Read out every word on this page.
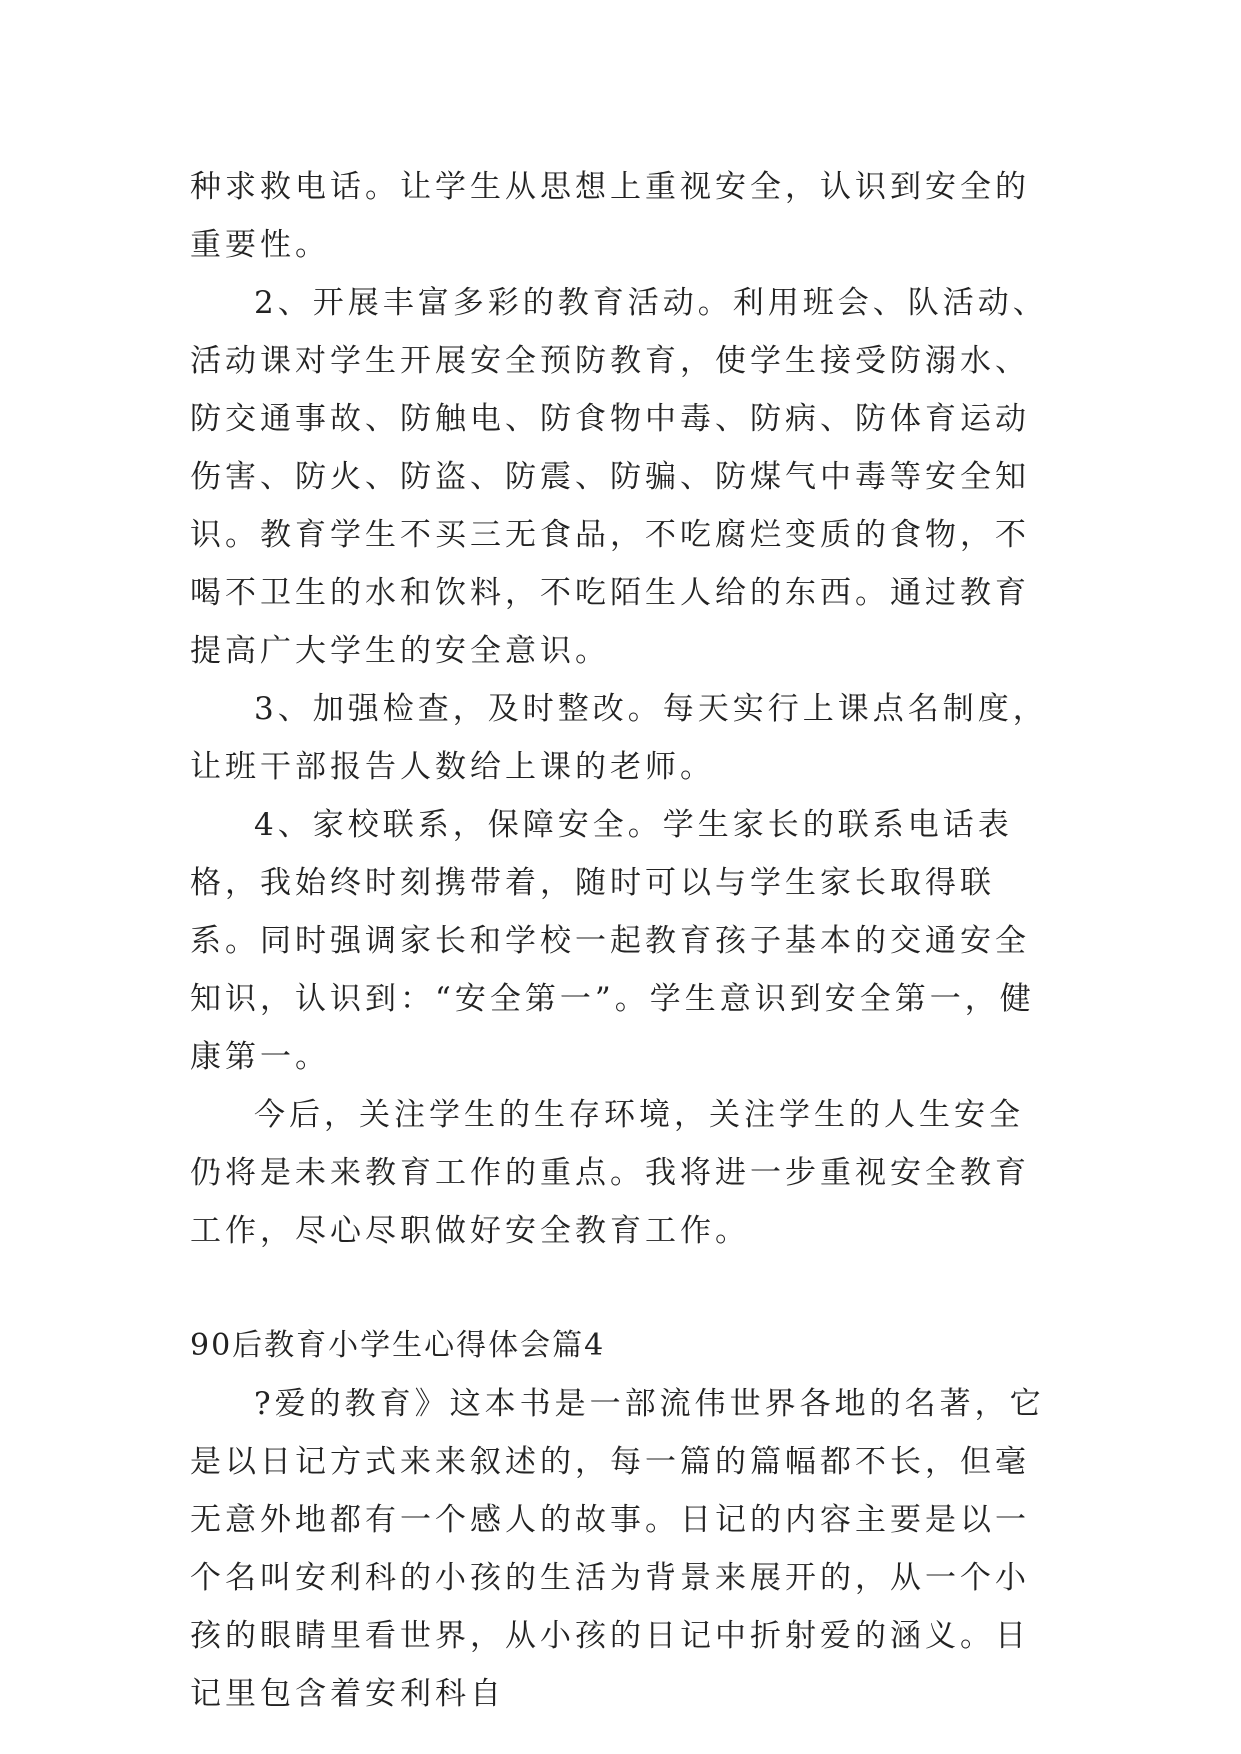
种求救电话。让学生从思想上重视安全，认识到安全的重要性。

2、开展丰富多彩的教育活动。利用班会、队活动、活动课对学生开展安全预防教育，使学生接受防溺水、防交通事故、防触电、防食物中毒、防病、防体育运动伤害、防火、防盗、防震、防骗、防煤气中毒等安全知识。教育学生不买三无食品，不吃腐烂变质的食物，不喝不卫生的水和饮料，不吃陌生人给的东西。通过教育提高广大学生的安全意识。

3、加强检查，及时整改。每天实行上课点名制度，让班干部报告人数给上课的老师。

4、家校联系，保障安全。学生家长的联系电话表格，我始终时刻携带着，随时可以与学生家长取得联系。同时强调家长和学校一起教育孩子基本的交通安全知识，认识到：“安全第一”。学生意识到安全第一，健康第一。

今后，关注学生的生存环境，关注学生的人生安全仍将是未来教育工作的重点。我将进一步重视安全教育工作，尽心尽职做好安全教育工作。

90后教育小学生心得体会篇4

?爱的教育》这本书是一部流伟世界各地的名著，它是以日记方式来来叙述的，每一篇的篇幅都不长，但毫无意外地都有一个感人的故事。日记的内容主要是以一个名叫安利科的小孩的生活为背景来展开的，从一个小孩的眼睛里看世界，从小孩的日记中折射爱的涵义。日记里包含着安利科自
